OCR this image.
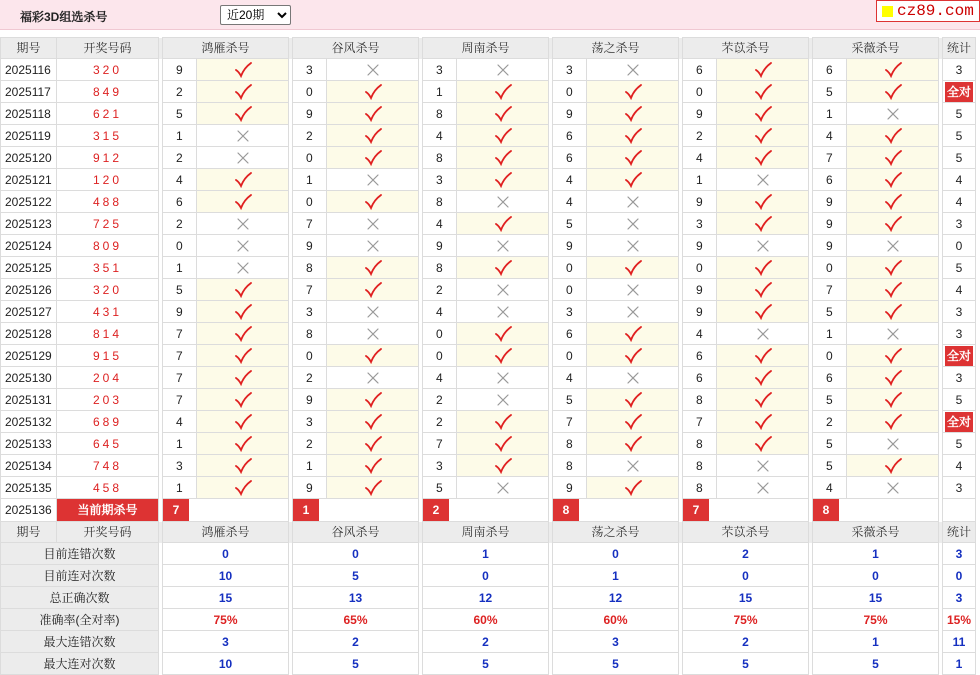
福彩3D组选杀号
近20期	cz89.com
期号	开奖号码		鸿雁杀号			谷风杀号			周南杀号			荡之杀号			芣苡杀号			采薇杀号			统计
2025116	320		9			3			3			3			6			6			3
2025117	849		2			0			1			0			0			5			全对
2025118	621		5			9			8			9			9			1			5
2025119	315		1			2			4			6			2			4			5
2025120	912		2			0			8			6			4			7			5
2025121	120		4			1			3			4			1			6			4
2025122	488		6			0			8			4			9			9			4
2025123	725		2			7			4			5			3			9			3
2025124	809		0			9			9			9			9			9			0
2025125	351		1			8			8			0			0			0			5
2025126	320		5			7			2			0			9			7			4
2025127	431		9			3			4			3			9			5			3
2025128	814		7			8			0			6			4			1			3
2025129	915		7			0			0			0			6			0			全对
2025130	204		7			2			4			4			6			6			3
2025131	203		7			9			2			5			8			5			5
2025132	689		4			3			2			7			7			2			全对
2025133	645		1			2			7			8			8			5			5
2025134	748		3			1			3			8			8			5			4
2025135	458		1			9			5			9			8			4			3
2025136	当前期杀号		7			1			2			8			7			8			
期号	开奖号码		鸿雁杀号			谷风杀号			周南杀号			荡之杀号			芣苡杀号			采薇杀号			统计
目前连错次数			0			0			1			0			2			1			3
目前连对次数			10			5			0			1			0			0			0
总正确次数			15			13			12			12			15			15			3
准确率(全对率)			75%			65%			60%			60%			75%			75%			15%
最大连错次数			3			2			2			3			2			1			11
最大连对次数			10			5			5			5			5			5			1
